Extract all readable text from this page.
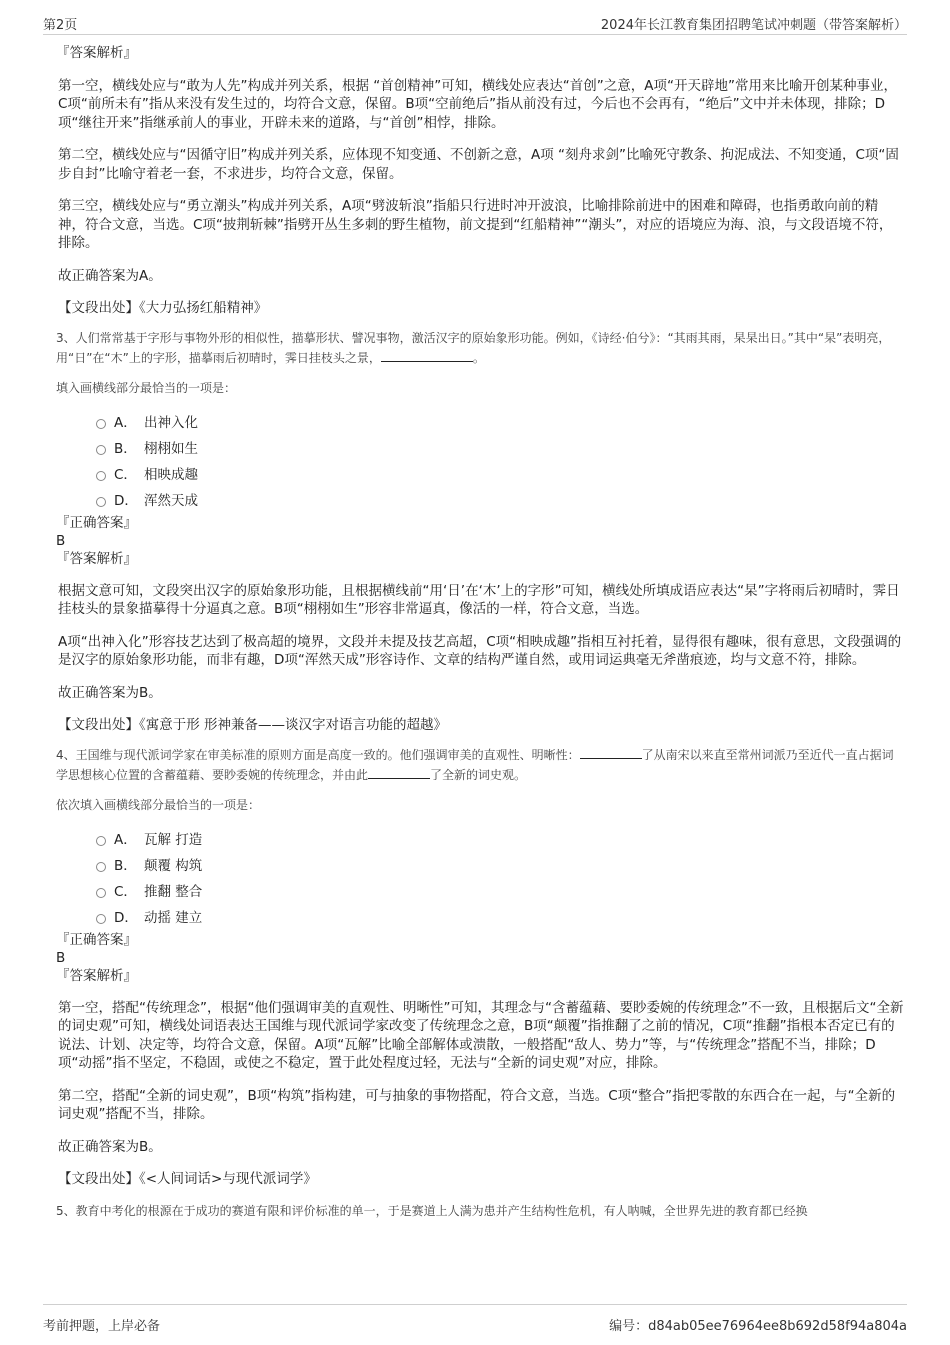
第2页	2024年长江教育集团招聘笔试冲刺题（带答案解析）
『答案解析』
第一空，横线处应与“敢为人先”构成并列关系，根据 “首创精神”可知，横线处应表达“首创”之意，A项“开天辟地”常用来比喻开创某种事业，C项“前所未有”指从来没有发生过的，均符合文意，保留。B项“空前绝后”指从前没有过，今后也不会再有，“绝后”文中并未体现，排除；D项“继往开来”指继承前人的事业，开辟未来的道路，与“首创”相悖，排除。
第二空，横线处应与“因循守旧”构成并列关系，应体现不知变通、不创新之意，A项 “刻舟求剑”比喻死守教条、拘泥成法、不知变通，C项“固步自封”比喻守着老一套，不求进步，均符合文意，保留。
第三空，横线处应与“勇立潮头”构成并列关系，A项“劈波斩浪”指船只行进时冲开波浪，比喻排除前进中的困难和障碍，也指勇敢向前的精神，符合文意，当选。C项“披荆斩棘”指劈开丛生多刺的野生植物，前文提到“红船精神”“潮头”，对应的语境应为海、浪，与文段语境不符，排除。
故正确答案为A。
【文段出处】《大力弘扬红船精神》
3、人们常常基于字形与事物外形的相似性，描摹形状、譬况事物，激活汉字的原始象形功能。例如，《诗经·伯兮》：“其雨其雨，杲杲出日。”其中“杲”表明亮，用“日”在“木”上的字形，描摹雨后初晴时，霁日挂枝头之景，	。
填入画横线部分最恰当的一项是：
A． 出神入化
B． 栩栩如生
C． 相映成趣
D． 浑然天成
『正确答案』
B
『答案解析』
根据文意可知，文段突出汉字的原始象形功能，且根据横线前“用‘日’在‘木’上的字形”可知，横线处所填成语应表达“杲”字将雨后初晴时，霁日挂枝头的景象描摹得十分逼真之意。B项“栩栩如生”形容非常逼真，像活的一样，符合文意，当选。
A项“出神入化”形容技艺达到了极高超的境界，文段并未提及技艺高超，C项“相映成趣”指相互衬托着，显得很有趣味，很有意思，文段强调的是汉字的原始象形功能，而非有趣，D项“浑然天成”形容诗作、文章的结构严谨自然，或用词运典毫无斧凿痕迹，均与文意不符，排除。
故正确答案为B。
【文段出处】《寓意于形 形神兼备——谈汉字对语言功能的超越》
4、王国维与现代派词学家在审美标准的原则方面是高度一致的。他们强调审美的直观性、明晰性：	了从南宋以来直至常州词派乃至近代一直占据词学思想核心位置的含蓄蕴藉、要眇委婉的传统理念，并由此	了全新的词史观。
依次填入画横线部分最恰当的一项是：
A． 瓦解 打造
B． 颠覆 构筑
C． 推翻 整合
D． 动摇 建立
『正确答案』
B
『答案解析』
第一空，搭配“传统理念”，根据“他们强调审美的直观性、明晰性”可知，其理念与“含蓄蕴藉、要眇委婉的传统理念”不一致，且根据后文“全新的词史观”可知，横线处词语表达王国维与现代派词学家改变了传统理念之意，B项“颠覆”指推翻了之前的情况，C项“推翻”指根本否定已有的说法、计划、决定等，均符合文意，保留。A项“瓦解”比喻全部解体或溃散，一般搭配“敌人、势力”等，与“传统理念”搭配不当，排除；D项“动摇”指不坚定，不稳固，或使之不稳定，置于此处程度过轻，无法与“全新的词史观”对应，排除。
第二空，搭配“全新的词史观”，B项“构筑”指构建，可与抽象的事物搭配，符合文意，当选。C项“整合”指把零散的东西合在一起，与“全新的词史观”搭配不当，排除。
故正确答案为B。
【文段出处】《<人间词话>与现代派词学》
5、教育中考化的根源在于成功的赛道有限和评价标准的单一，于是赛道上人满为患并产生结构性危机，有人呐喊，全世界先进的教育都已经换
考前押题，上岸必备	编号：d84ab05ee76964ee8b692d58f94a804a
